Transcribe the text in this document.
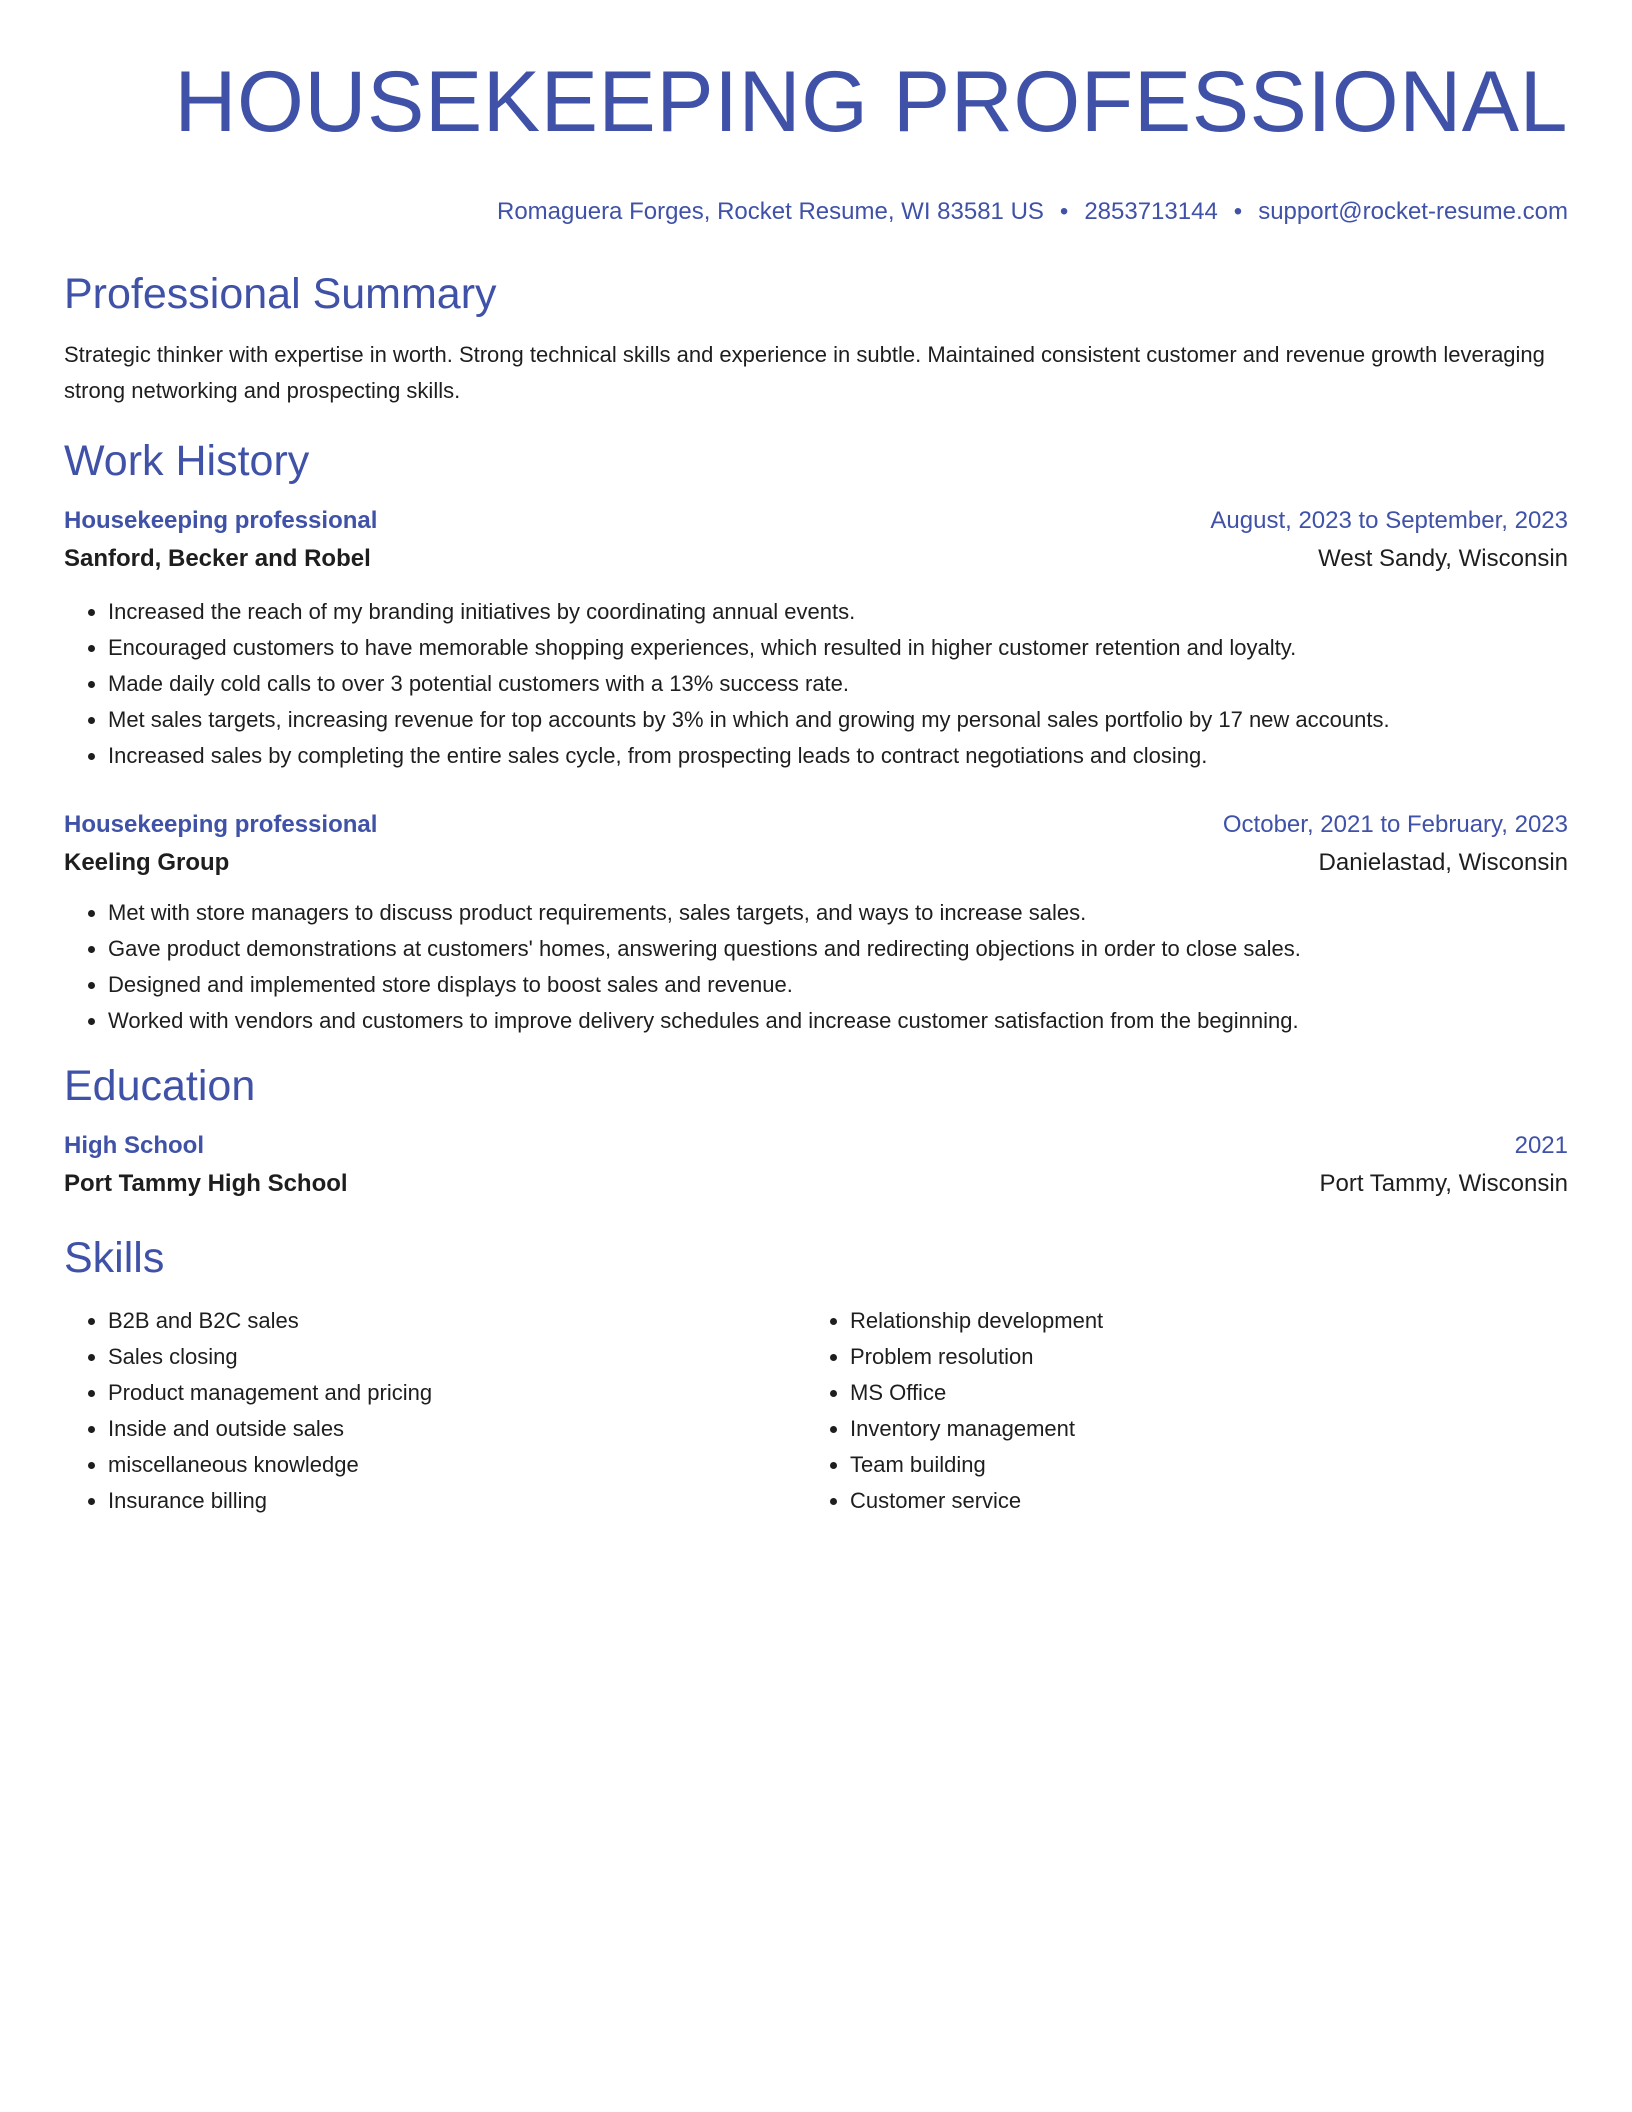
HOUSEKEEPING PROFESSIONAL
Romaguera Forges, Rocket Resume, WI 83581 US • 2853713144 • support@rocket-resume.com
Professional Summary
Strategic thinker with expertise in worth. Strong technical skills and experience in subtle. Maintained consistent customer and revenue growth leveraging strong networking and prospecting skills.
Work History
Housekeeping professional	August, 2023 to September, 2023
Sanford, Becker and Robel	West Sandy, Wisconsin
• Increased the reach of my branding initiatives by coordinating annual events.
• Encouraged customers to have memorable shopping experiences, which resulted in higher customer retention and loyalty.
• Made daily cold calls to over 3 potential customers with a 13% success rate.
• Met sales targets, increasing revenue for top accounts by 3% in which and growing my personal sales portfolio by 17 new accounts.
• Increased sales by completing the entire sales cycle, from prospecting leads to contract negotiations and closing.
Housekeeping professional	October, 2021 to February, 2023
Keeling Group	Danielastad, Wisconsin
• Met with store managers to discuss product requirements, sales targets, and ways to increase sales.
• Gave product demonstrations at customers' homes, answering questions and redirecting objections in order to close sales.
• Designed and implemented store displays to boost sales and revenue.
• Worked with vendors and customers to improve delivery schedules and increase customer satisfaction from the beginning.
Education
High School	2021
Port Tammy High School	Port Tammy, Wisconsin
Skills
• B2B and B2C sales
• Sales closing
• Product management and pricing
• Inside and outside sales
• miscellaneous knowledge
• Insurance billing
• Relationship development
• Problem resolution
• MS Office
• Inventory management
• Team building
• Customer service
